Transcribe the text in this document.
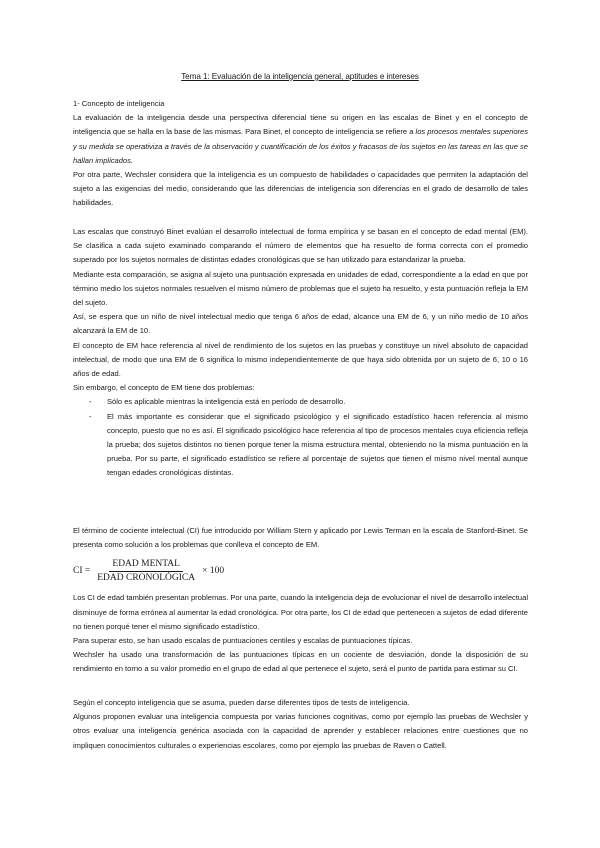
Tema 1: Evaluación de la inteligencia general, aptitudes e intereses

1- Concepto de inteligencia

La evaluación de la inteligencia desde una perspectiva diferencial tiene su origen en las escalas de Binet y en el concepto de inteligencia que se halla en la base de las mismas. Para Binet, el concepto de inteligencia se refiere a los procesos mentales superiores y su medida se operativiza a través de la observación y cuantificación de los éxitos y fracasos de los sujetos en las tareas en las que se hallan implicados.

Por otra parte, Wechsler considera que la inteligencia es un compuesto de habilidades o capacidades que permiten la adaptación del sujeto a las exigencias del medio, considerando que las diferencias de inteligencia son diferencias en el grado de desarrollo de tales habilidades.

Las escalas que construyó Binet evalúan el desarrollo intelectual de forma empírica y se basan en el concepto de edad mental (EM). Se clasifica a cada sujeto examinado comparando el número de elementos que ha resuelto de forma correcta con el promedio superado por los sujetos normales de distintas edades cronológicas que se han utilizado para estandarizar la prueba.

Mediante esta comparación, se asigna al sujeto una puntuación expresada en unidades de edad, correspondiente a la edad en que por término medio los sujetos normales resuelven el mismo número de problemas que el sujeto ha resuelto, y esta puntuación refleja la EM del sujeto.

Así, se espera que un niño de nivel intelectual medio que tenga 6 años de edad, alcance una EM de 6, y un niño medio de 10 años alcanzará la EM de 10.

El concepto de EM hace referencia al nivel de rendimiento de los sujetos en las pruebas y constituye un nivel absoluto de capacidad intelectual, de modo que una EM de 6 significa lo mismo independientemente de que haya sido obtenida por un sujeto de 6, 10 o 16 años de edad.

Sin embargo, el concepto de EM tiene dos problemas:

- Sólo es aplicable mientras la inteligencia está en período de desarrollo.
- El más importante es considerar que el significado psicológico y el significado estadístico hacen referencia al mismo concepto, puesto que no es así. El significado psicológico hace referencia al tipo de procesos mentales cuya eficiencia refleja la prueba; dos sujetos distintos no tienen porque tener la misma estructura mental, obteniendo no la misma puntuación en la prueba. Por su parte, el significado estadístico se refiere al porcentaje de sujetos que tienen el mismo nivel mental aunque tengan edades cronológicas distintas.

El término de cociente intelectual (CI) fue introducido por William Stern y aplicado por Lewis Terman en la escala de Stanford-Binet. Se presenta como solución a los problemas que conlleva el concepto de EM.

CI = $\frac{\text{EDAD MENTAL}}{\text{EDAD CRONOLÓGICA}} \times 100$

Los CI de edad también presentan problemas. Por una parte, cuando la inteligencia deja de evolucionar el nivel de desarrollo intelectual disminuye de forma errónea al aumentar la edad cronológica. Por otra parte, los CI de edad que pertenecen a sujetos de edad diferente no tienen porqué tener el mismo significado estadístico.

Para superar esto, se han usado escalas de puntuaciones centiles y escalas de puntuaciones típicas.

Wechsler ha usado una transformación de las puntuaciones típicas en un cociente de desviación, donde la disposición de su rendimiento en torno a su valor promedio en el grupo de edad al que pertenece el sujeto, será el punto de partida para estimar su CI.

Según el concepto inteligencia que se asuma, pueden darse diferentes tipos de tests de inteligencia.

Algunos proponen evaluar una inteligencia compuesta por varias funciones cognitivas, como por ejemplo las pruebas de Wechsler y otros evaluar una inteligencia genérica asociada con la capacidad de aprender y establecer relaciones entre cuestiones que no impliquen conocimientos culturales o experiencias escolares, como por ejemplo las pruebas de Raven o Cattell.
